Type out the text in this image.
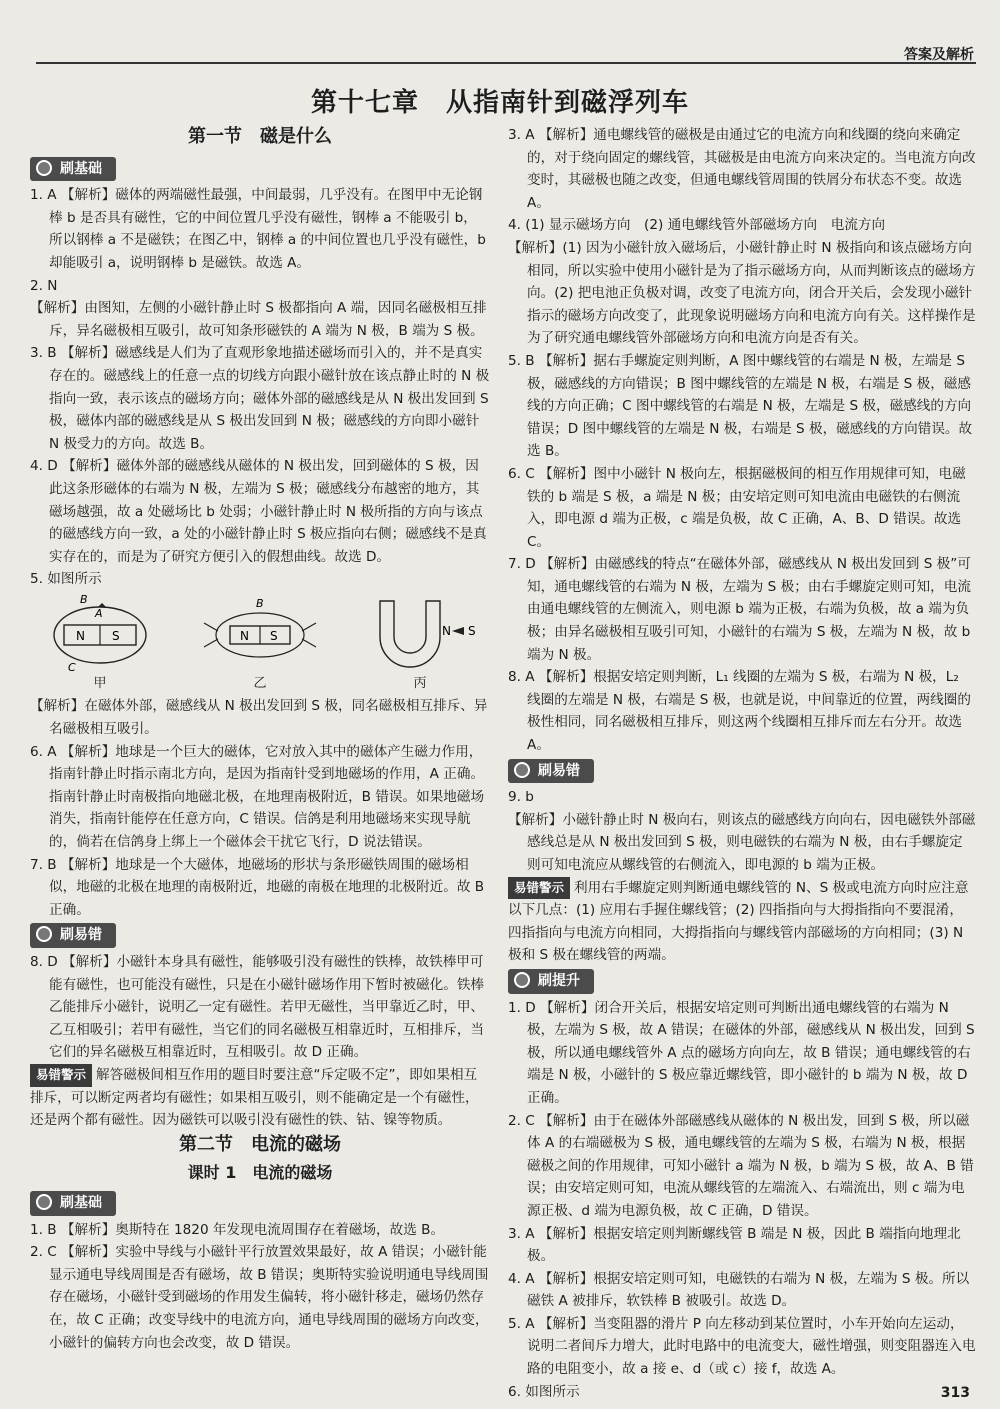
答案及解析
第十七章　从指南针到磁浮列车
第一节　磁是什么
刷基础
1. A 【解析】磁体的两端磁性最强，中间最弱，几乎没有。在图甲中无论钢棒 b 是否具有磁性，它的中间位置几乎没有磁性，钢棒 a 不能吸引 b，所以钢棒 a 不是磁铁；在图乙中，钢棒 a 的中间位置也几乎没有磁性，b 却能吸引 a，说明钢棒 b 是磁铁。故选 A。
2. N
【解析】由图知，左侧的小磁针静止时 S 极都指向 A 端，因同名磁极相互排斥，异名磁极相互吸引，故可知条形磁铁的 A 端为 N 极，B 端为 S 极。
3. B 【解析】磁感线是人们为了直观形象地描述磁场而引入的，并不是真实存在的。磁感线上的任意一点的切线方向跟小磁针放在该点静止时的 N 极指向一致，表示该点的磁场方向；磁体外部的磁感线是从 N 极出发回到 S 极，磁体内部的磁感线是从 S 极出发回到 N 极；磁感线的方向即小磁针 N 极受力的方向。故选 B。
4. D 【解析】磁体外部的磁感线从磁体的 N 极出发，回到磁体的 S 极，因此这条形磁体的右端为 N 极，左端为 S 极；磁感线分布越密的地方，其磁场越强，故 a 处磁场比 b 处弱；小磁针静止时 N 极所指的方向与该点的磁感线方向一致，a 处的小磁针静止时 S 极应指向右侧；磁感线不是真实存在的，而是为了研究方便引入的假想曲线。故选 D。
5. 如图所示
N S
A
B
C
甲
N S
B
乙
N S
丙
【解析】在磁体外部，磁感线从 N 极出发回到 S 极，同名磁极相互排斥、异名磁极相互吸引。
6. A 【解析】地球是一个巨大的磁体，它对放入其中的磁体产生磁力作用，指南针静止时指示南北方向，是因为指南针受到地磁场的作用，A 正确。指南针静止时南极指向地磁北极，在地理南极附近，B 错误。如果地磁场消失，指南针能停在任意方向，C 错误。信鸽是利用地磁场来实现导航的，倘若在信鸽身上绑上一个磁体会干扰它飞行，D 说法错误。
7. B 【解析】地球是一个大磁体，地磁场的形状与条形磁铁周围的磁场相似，地磁的北极在地理的南极附近，地磁的南极在地理的北极附近。故 B 正确。
刷易错
8. D 【解析】小磁针本身具有磁性，能够吸引没有磁性的铁棒，故铁棒甲可能有磁性，也可能没有磁性，只是在小磁针磁场作用下暂时被磁化。铁棒乙能排斥小磁针，说明乙一定有磁性。若甲无磁性，当甲靠近乙时，甲、乙互相吸引；若甲有磁性，当它们的同名磁极互相靠近时，互相排斥，当它们的异名磁极互相靠近时，互相吸引。故 D 正确。
易错警示 解答磁极间相互作用的题目时要注意“斥定吸不定”，即如果相互排斥，可以断定两者均有磁性；如果相互吸引，则不能确定是一个有磁性，还是两个都有磁性。因为磁铁可以吸引没有磁性的铁、钴、镍等物质。
第二节　电流的磁场
课时 1　电流的磁场
刷基础
1. B 【解析】奥斯特在 1820 年发现电流周围存在着磁场，故选 B。
2. C 【解析】实验中导线与小磁针平行放置效果最好，故 A 错误；小磁针能显示通电导线周围是否有磁场，故 B 错误；奥斯特实验说明通电导线周围存在磁场，小磁针受到磁场的作用发生偏转，将小磁针移走，磁场仍然存在，故 C 正确；改变导线中的电流方向，通电导线周围的磁场方向改变，小磁针的偏转方向也会改变，故 D 错误。
3. A 【解析】通电螺线管的磁极是由通过它的电流方向和线圈的绕向来确定的，对于绕向固定的螺线管，其磁极是由电流方向来决定的。当电流方向改变时，其磁极也随之改变，但通电螺线管周围的铁屑分布状态不变。故选 A。
4. (1) 显示磁场方向　(2) 通电螺线管外部磁场方向　电流方向
【解析】(1) 因为小磁针放入磁场后，小磁针静止时 N 极指向和该点磁场方向相同，所以实验中使用小磁针是为了指示磁场方向，从而判断该点的磁场方向。(2) 把电池正负极对调，改变了电流方向，闭合开关后，会发现小磁针指示的磁场方向改变了，此现象说明磁场方向和电流方向有关。这样操作是为了研究通电螺线管外部磁场方向和电流方向是否有关。
5. B 【解析】据右手螺旋定则判断，A 图中螺线管的右端是 N 极，左端是 S 极，磁感线的方向错误；B 图中螺线管的左端是 N 极，右端是 S 极，磁感线的方向正确；C 图中螺线管的右端是 N 极，左端是 S 极，磁感线的方向错误；D 图中螺线管的左端是 N 极，右端是 S 极，磁感线的方向错误。故选 B。
6. C 【解析】图中小磁针 N 极向左，根据磁极间的相互作用规律可知，电磁铁的 b 端是 S 极，a 端是 N 极；由安培定则可知电流由电磁铁的右侧流入，即电源 d 端为正极，c 端是负极，故 C 正确，A、B、D 错误。故选 C。
7. D 【解析】由磁感线的特点“在磁体外部，磁感线从 N 极出发回到 S 极”可知，通电螺线管的右端为 N 极，左端为 S 极；由右手螺旋定则可知，电流由通电螺线管的左侧流入，则电源 b 端为正极，右端为负极，故 a 端为负极；由异名磁极相互吸引可知，小磁针的右端为 S 极，左端为 N 极，故 b 端为 N 极。
8. A 【解析】根据安培定则判断，L₁ 线圈的左端为 S 极，右端为 N 极，L₂ 线圈的左端是 N 极，右端是 S 极，也就是说，中间靠近的位置，两线圈的极性相同，同名磁极相互排斥，则这两个线圈相互排斥而左右分开。故选 A。
刷易错
9. b
【解析】小磁针静止时 N 极向右，则该点的磁感线方向向右，因电磁铁外部磁感线总是从 N 极出发回到 S 极，则电磁铁的右端为 N 极，由右手螺旋定则可知电流应从螺线管的右侧流入，即电源的 b 端为正极。
易错警示 利用右手螺旋定则判断通电螺线管的 N、S 极或电流方向时应注意以下几点：(1) 应用右手握住螺线管；(2) 四指指向与大拇指指向不要混淆，四指指向与电流方向相同，大拇指指向与螺线管内部磁场的方向相同；(3) N 极和 S 极在螺线管的两端。
刷提升
1. D 【解析】闭合开关后，根据安培定则可判断出通电螺线管的右端为 N 极，左端为 S 极，故 A 错误；在磁体的外部，磁感线从 N 极出发，回到 S 极，所以通电螺线管外 A 点的磁场方向向左，故 B 错误；通电螺线管的右端是 N 极，小磁针的 S 极应靠近螺线管，即小磁针的 b 端为 N 极，故 D 正确。
2. C 【解析】由于在磁体外部磁感线从磁体的 N 极出发，回到 S 极，所以磁体 A 的右端磁极为 S 极，通电螺线管的左端为 S 极，右端为 N 极，根据磁极之间的作用规律，可知小磁针 a 端为 N 极，b 端为 S 极，故 A、B 错误；由安培定则可知，电流从螺线管的左端流入、右端流出，则 c 端为电源正极、d 端为电源负极，故 C 正确，D 错误。
3. A 【解析】根据安培定则判断螺线管 B 端是 N 极，因此 B 端指向地理北极。
4. A 【解析】根据安培定则可知，电磁铁的右端为 N 极，左端为 S 极。所以磁铁 A 被排斥，软铁棒 B 被吸引。故选 D。
5. A 【解析】当变阻器的滑片 P 向左移动到某位置时，小车开始向左运动，说明二者间斥力增大，此时电路中的电流变大，磁性增强，则变阻器连入电路的电阻变小，故 a 接 e、d（或 c）接 f，故选 A。
6. 如图所示	313
